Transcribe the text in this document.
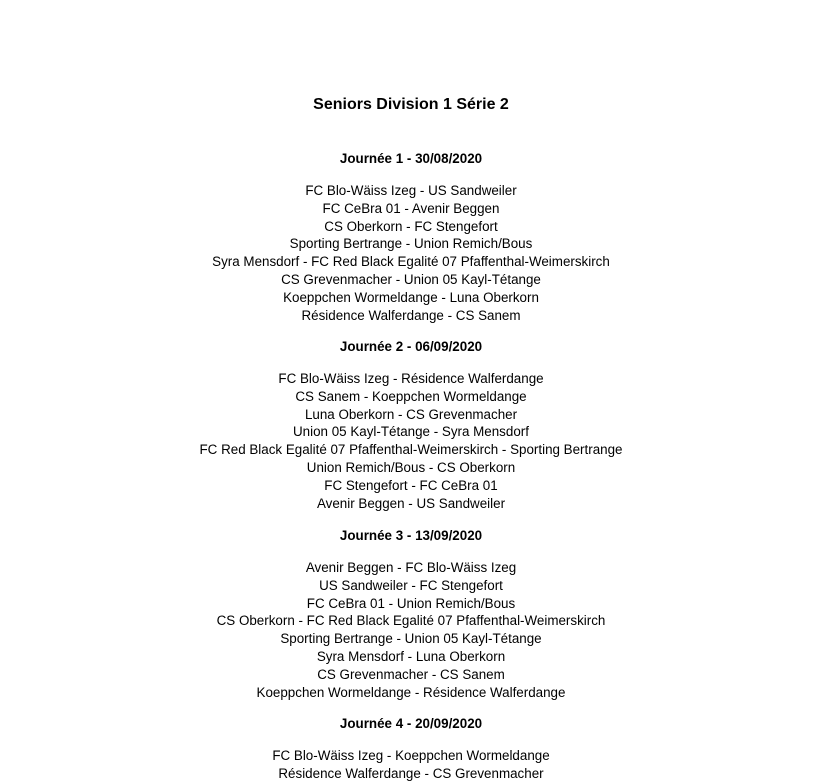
Seniors Division 1 Série 2
Journée 1 - 30/08/2020
FC Blo-Wäiss Izeg - US Sandweiler
FC CeBra 01 - Avenir Beggen
CS Oberkorn - FC Stengefort
Sporting Bertrange - Union Remich/Bous
Syra Mensdorf - FC Red Black Egalité 07 Pfaffenthal-Weimerskirch
CS Grevenmacher - Union 05 Kayl-Tétange
Koeppchen Wormeldange - Luna Oberkorn
Résidence Walferdange - CS Sanem
Journée 2 - 06/09/2020
FC Blo-Wäiss Izeg - Résidence Walferdange
CS Sanem - Koeppchen Wormeldange
Luna Oberkorn - CS Grevenmacher
Union 05 Kayl-Tétange - Syra Mensdorf
FC Red Black Egalité 07 Pfaffenthal-Weimerskirch - Sporting Bertrange
Union Remich/Bous - CS Oberkorn
FC Stengefort - FC CeBra 01
Avenir Beggen - US Sandweiler
Journée 3 - 13/09/2020
Avenir Beggen - FC Blo-Wäiss Izeg
US Sandweiler - FC Stengefort
FC CeBra 01 - Union Remich/Bous
CS Oberkorn - FC Red Black Egalité 07 Pfaffenthal-Weimerskirch
Sporting Bertrange - Union 05 Kayl-Tétange
Syra Mensdorf - Luna Oberkorn
CS Grevenmacher - CS Sanem
Koeppchen Wormeldange - Résidence Walferdange
Journée 4 - 20/09/2020
FC Blo-Wäiss Izeg - Koeppchen Wormeldange
Résidence Walferdange - CS Grevenmacher
